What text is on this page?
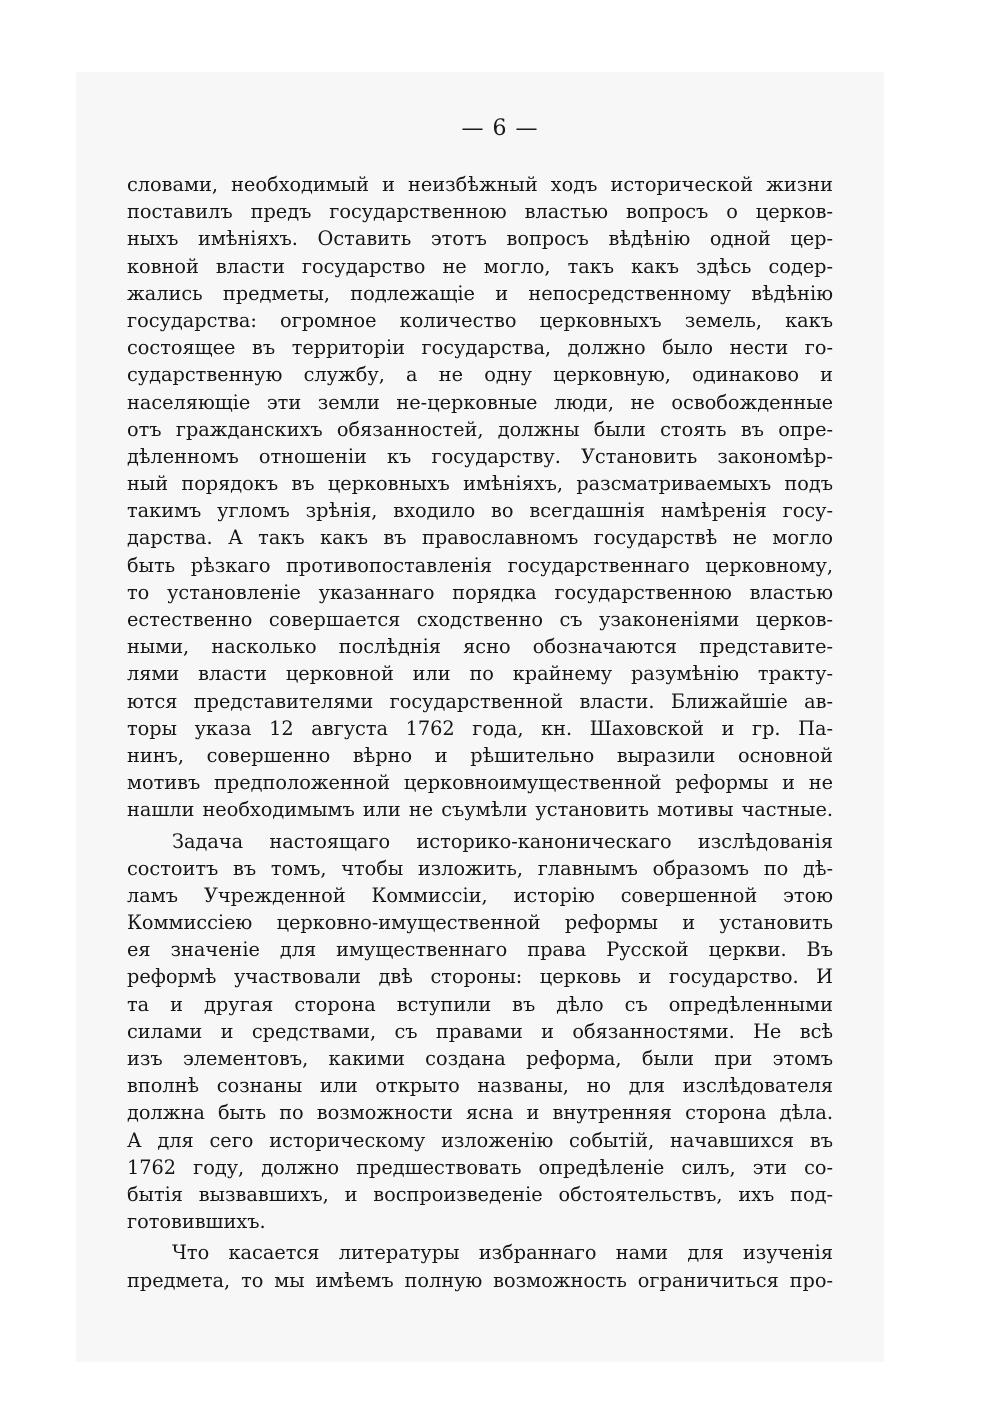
— 6 —
словами, необходимый и неизбѣжный ходъ исторической жизни
поставилъ предъ государственною властью вопросъ о церков-
ныхъ имѣніяхъ. Оставить этотъ вопросъ вѣдѣнію одной цер-
ковной власти государство не могло, такъ какъ здѣсь содер-
жались предметы, подлежащіе и непосредственному вѣдѣнію
государства: огромное количество церковныхъ земель, какъ
состоящее въ территоріи государства, должно было нести го-
сударственную службу, а не одну церковную, одинаково и
населяющіе эти земли не-церковные люди, не освобожденные
отъ гражданскихъ обязанностей, должны были стоять въ опре-
дѣленномъ отношеніи къ государству. Установить закономѣр-
ный порядокъ въ церковныхъ имѣніяхъ, разсматриваемыхъ подъ
такимъ угломъ зрѣнія, входило во всегдашнія намѣренія госу-
дарства. А такъ какъ въ православномъ государствѣ не могло
быть рѣзкаго противопоставленія государственнаго церковному,
то установленіе указаннаго порядка государственною властью
естественно совершается сходственно съ узаконеніями церков-
ными, насколько послѣднія ясно обозначаются представите-
лями власти церковной или по крайнему разумѣнію тракту-
ются представителями государственной власти. Ближайшіе ав-
торы указа 12 августа 1762 года, кн. Шаховской и гр. Па-
нинъ, совершенно вѣрно и рѣшительно выразили основной
мотивъ предположенной церковноимущественной реформы и не
нашли необходимымъ или не съумѣли установить мотивы частные.
Задача настоящаго историко-каноническаго изслѣдованія
состоитъ въ томъ, чтобы изложить, главнымъ образомъ по дѣ-
ламъ Учрежденной Коммиссіи, исторію совершенной этою
Коммиссіею церковно-имущественной реформы и установить
ея значеніе для имущественнаго права Русской церкви. Въ
реформѣ участвовали двѣ стороны: церковь и государство. И
та и другая сторона вступили въ дѣло съ опредѣленными
силами и средствами, съ правами и обязанностями. Не всѣ
изъ элементовъ, какими создана реформа, были при этомъ
вполнѣ сознаны или открыто названы, но для изслѣдователя
должна быть по возможности ясна и внутренняя сторона дѣла.
А для сего историческому изложенію событій, начавшихся въ
1762 году, должно предшествовать опредѣленіе силъ, эти со-
бытія вызвавшихъ, и воспроизведеніе обстоятельствъ, ихъ под-
готовившихъ.
Что касается литературы избраннаго нами для изученія
предмета, то мы имѣемъ полную возможность ограничиться про-
